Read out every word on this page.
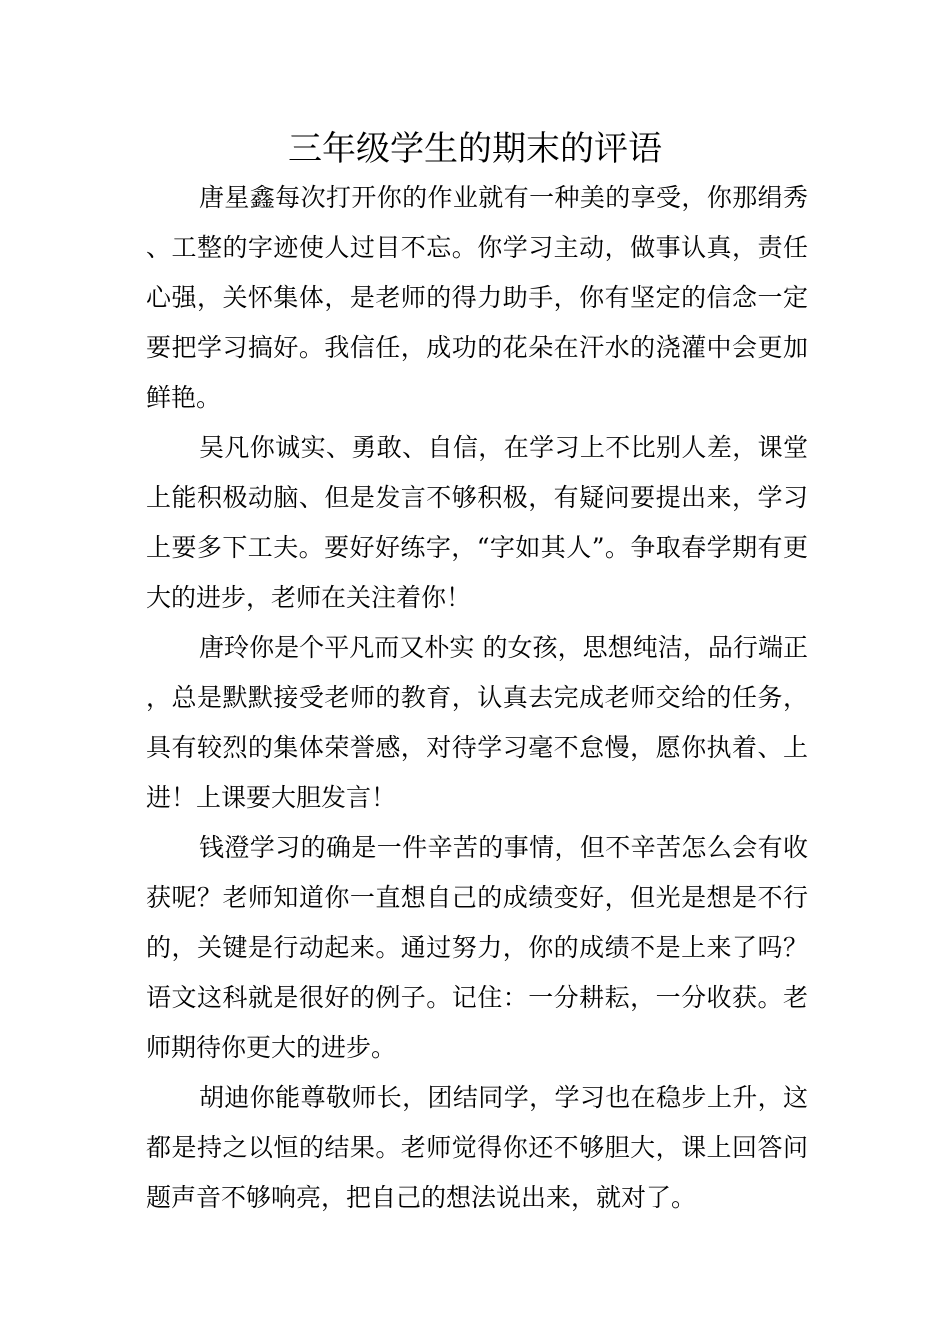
三年级学生的期末的评语

唐星鑫每次打开你的作业就有一种美的享受，你那绢秀、工整的字迹使人过目不忘。你学习主动，做事认真，责任心强，关怀集体，是老师的得力助手，你有坚定的信念一定要把学习搞好。我信任，成功的花朵在汗水的浇灌中会更加鲜艳。

吴凡你诚实、勇敢、自信，在学习上不比别人差，课堂上能积极动脑、但是发言不够积极，有疑问要提出来，学习上要多下工夫。要好好练字，“字如其人”。争取春学期有更大的进步，老师在关注着你！

唐玲你是个平凡而又朴实 的女孩，思想纯洁，品行端正，总是默默接受老师的教育，认真去完成老师交给的任务，具有较烈的集体荣誉感，对待学习毫不怠慢，愿你执着、上进！上课要大胆发言！

钱澄学习的确是一件辛苦的事情，但不辛苦怎么会有收获呢？老师知道你一直想自己的成绩变好，但光是想是不行的，关键是行动起来。通过努力，你的成绩不是上来了吗？语文这科就是很好的例子。记住：一分耕耘，一分收获。老师期待你更大的进步。

胡迪你能尊敬师长，团结同学，学习也在稳步上升，这都是持之以恒的结果。老师觉得你还不够胆大，课上回答问题声音不够响亮，把自己的想法说出来，就对了。
